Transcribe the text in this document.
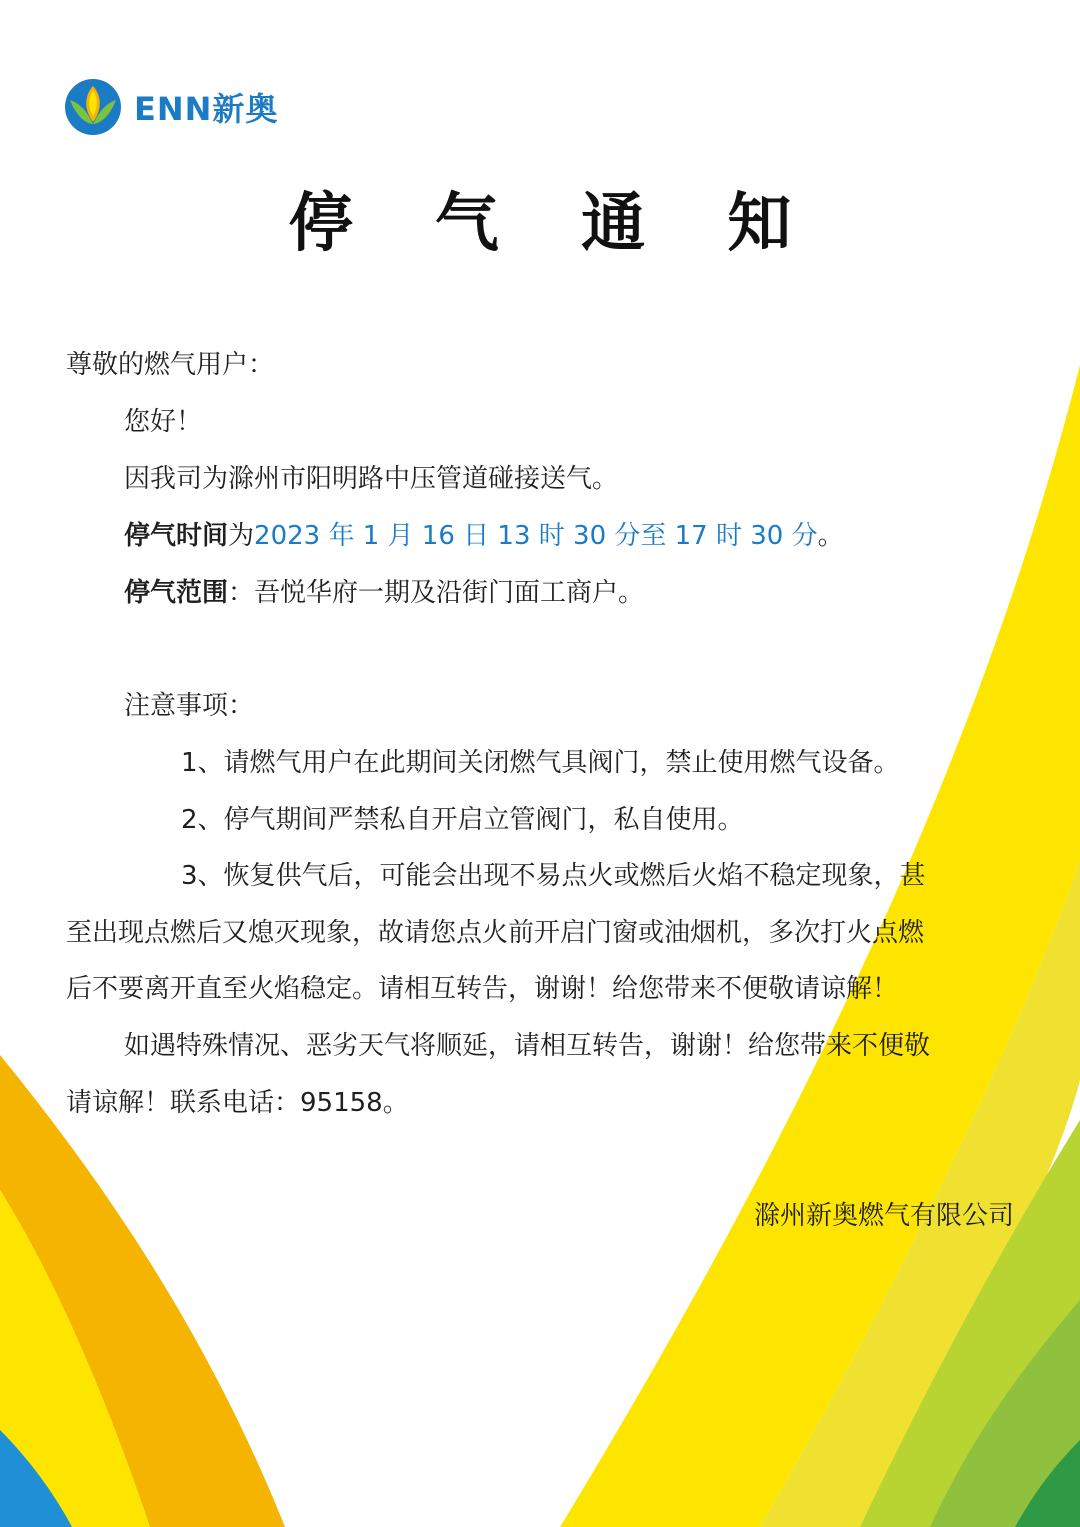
ENN新奥
停 气 通 知
尊敬的燃气用户：
您好！
因我司为滁州市阳明路中压管道碰接送气。
停气时间为2023 年 1 月 16 日 13 时 30 分至 17 时 30 分。
停气范围：吾悦华府一期及沿街门面工商户。
注意事项：
1、请燃气用户在此期间关闭燃气具阀门，禁止使用燃气设备。
2、停气期间严禁私自开启立管阀门，私自使用。
3、恢复供气后，可能会出现不易点火或燃后火焰不稳定现象，甚
至出现点燃后又熄灭现象，故请您点火前开启门窗或油烟机，多次打火点燃
后不要离开直至火焰稳定。请相互转告，谢谢！给您带来不便敬请谅解！
如遇特殊情况、恶劣天气将顺延，请相互转告，谢谢！给您带来不便敬
请谅解！联系电话：95158。
滁州新奥燃气有限公司
